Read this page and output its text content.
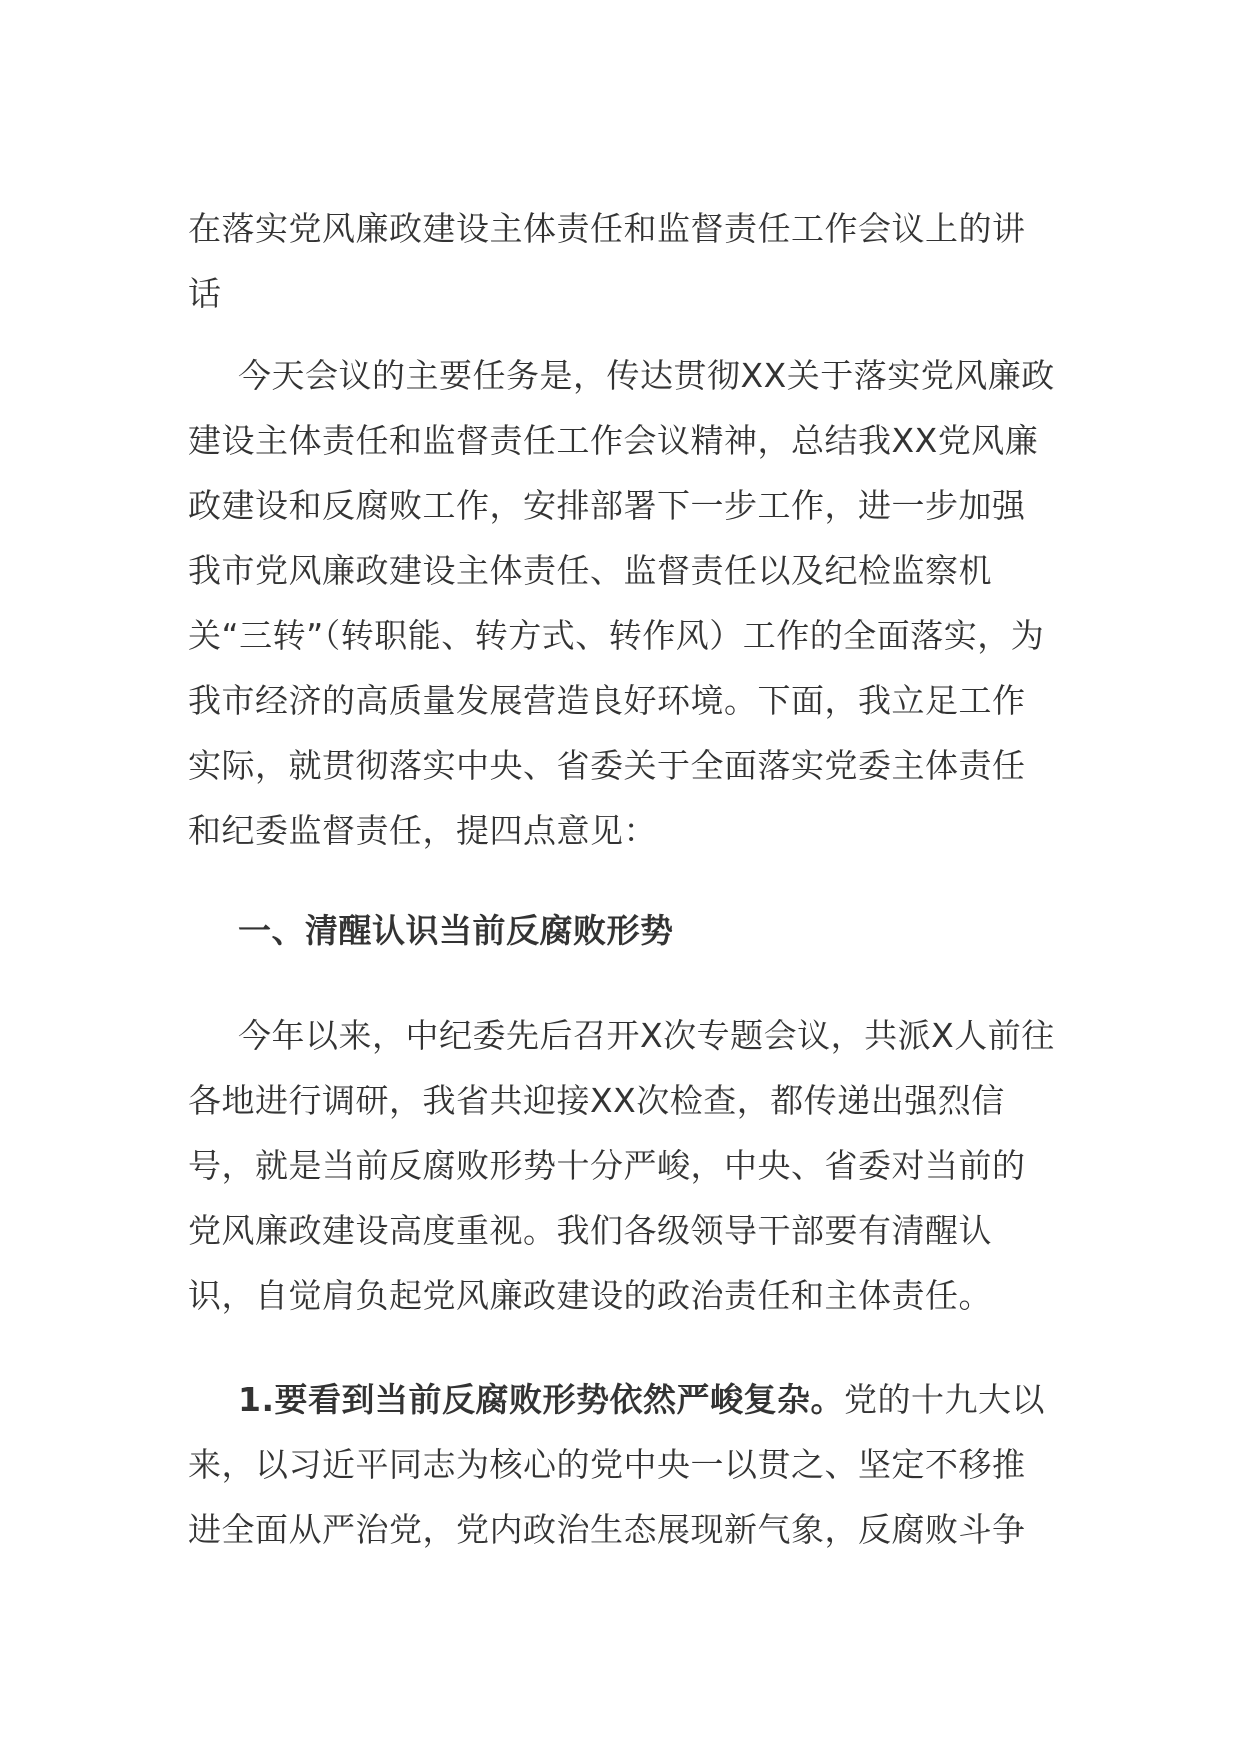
在落实党风廉政建设主体责任和监督责任工作会议上的讲话

今天会议的主要任务是，传达贯彻XX关于落实党风廉政建设主体责任和监督责任工作会议精神，总结我XX党风廉政建设和反腐败工作，安排部署下一步工作，进一步加强我市党风廉政建设主体责任、监督责任以及纪检监察机关“三转”（转职能、转方式、转作风）工作的全面落实，为我市经济的高质量发展营造良好环境。下面，我立足工作实际，就贯彻落实中央、省委关于全面落实党委主体责任和纪委监督责任，提四点意见：

一、清醒认识当前反腐败形势

今年以来，中纪委先后召开X次专题会议，共派X人前往各地进行调研，我省共迎接XX次检查，都传递出强烈信号，就是当前反腐败形势十分严峻，中央、省委对当前的党风廉政建设高度重视。我们各级领导干部要有清醒认识，自觉肩负起党风廉政建设的政治责任和主体责任。

1.要看到当前反腐败形势依然严峻复杂。党的十九大以来，以习近平同志为核心的党中央一以贯之、坚定不移推进全面从严治党，党内政治生态展现新气象，反腐败斗争
